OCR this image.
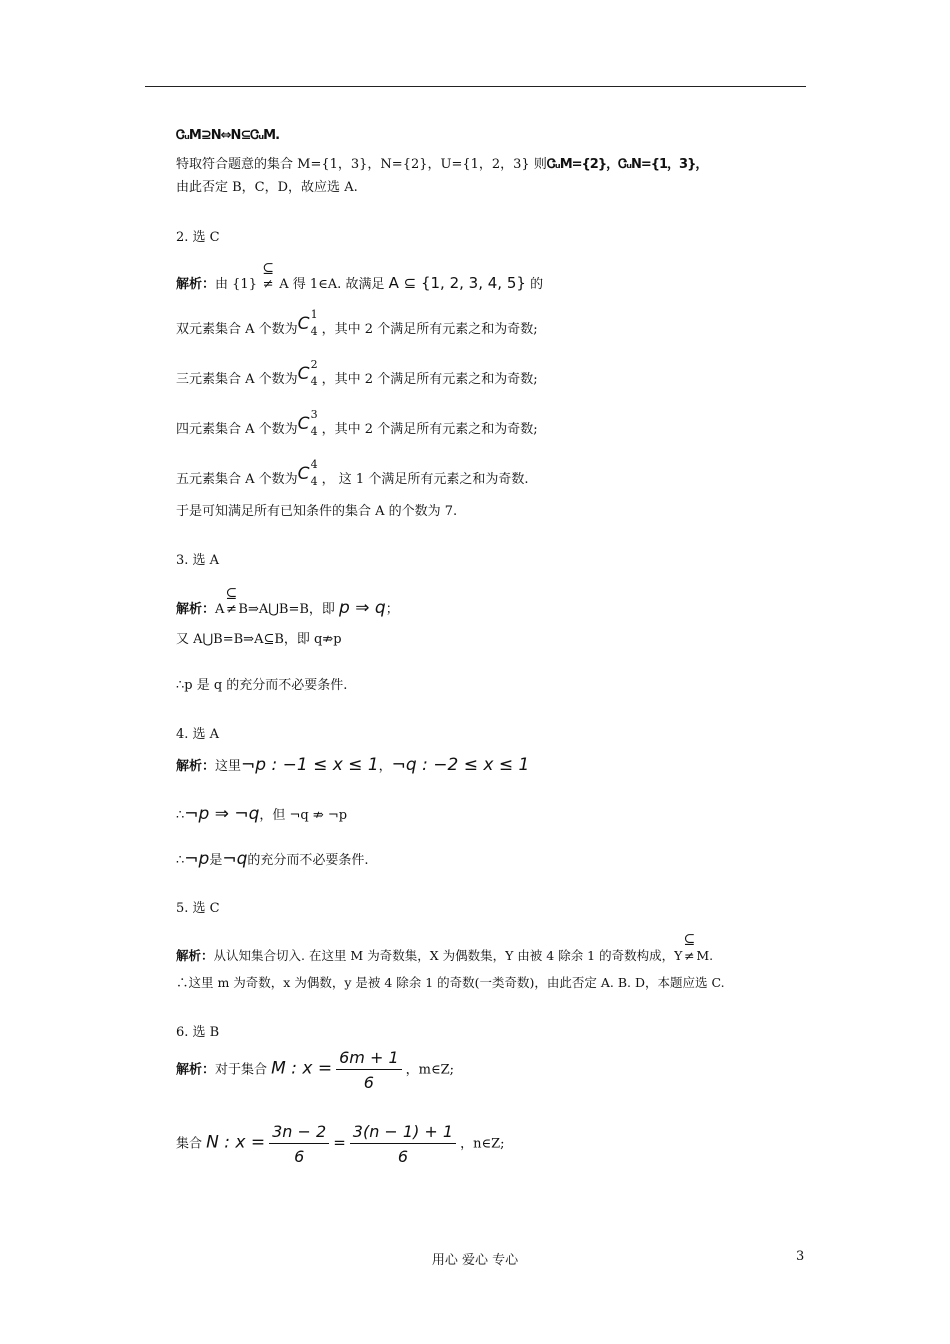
ᏣᵤM⊇N⇔N⊆ᏣᵤM.
特取符合题意的集合 M={1，3}，N={2}，U={1，2，3} 则ᏣᵤM={2}，ᏣᵤN={1，3}，
由此否定 B，C，D，故应选 A.
2. 选 C
解析：由 {1}
⊆
≠ A 得 1∈A. 故满足 A ⊆ {1, 2, 3, 4, 5} 的
双元素集合 A 个数为 C 1
4 ，其中 2 个满足所有元素之和为奇数;
三元素集合 A 个数为 C 2
4 ，其中 2 个满足所有元素之和为奇数;
四元素集合 A 个数为 C 3
4 ，其中 2 个满足所有元素之和为奇数;
五元素集合 A 个数为 C 4
4 ， 这 1 个满足所有元素之和为奇数.
于是可知满足所有已知条件的集合 A 的个数为 7.
3. 选 A
解析：A
⊆
≠ B⇒A⋃B=B，即 p ⇒ q；
又 A⋃B=B⇒A⊆B，即 q⇏p
∴p 是 q 的充分而不必要条件.
4. 选 A
解析：这里¬p : −1 ≤ x ≤ 1，¬q : −2 ≤ x ≤ 1
∴¬p ⇒ ¬q，但 ¬q ⇏ ¬p
∴¬p是¬q的充分而不必要条件.
5. 选 C
解析：从认知集合切入. 在这里 M 为奇数集，X 为偶数集，Y 由被 4 除余 1 的奇数构成，Y
⊆
≠ M.
∴这里 m 为奇数，x 为偶数，y 是被 4 除余 1 的奇数(一类奇数)，由此否定 A. B. D，本题应选 C.
6. 选 B
解析：对于集合 M : $x = \frac{6m + 1}{6}$ ，m∈Z;
集合 N : $x = \frac{3n - 2}{6} = \frac{3(n - 1) + 1}{6}$ ，n∈Z;
用心 爱心 专心	3
